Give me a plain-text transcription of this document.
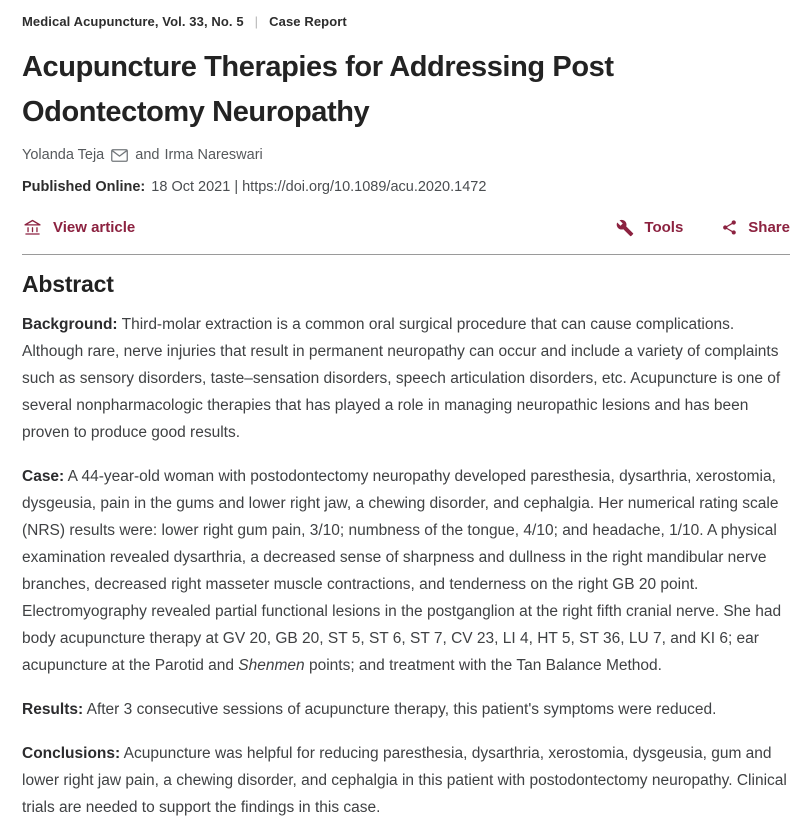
Medical Acupuncture, Vol. 33, No. 5 | Case Report
Acupuncture Therapies for Addressing Post Odontectomy Neuropathy
Yolanda Teja and Irma Nareswari
Published Online: 18 Oct 2021 | https://doi.org/10.1089/acu.2020.1472
View article	Tools	Share
Abstract

Background: Third-molar extraction is a common oral surgical procedure that can cause complications. Although rare, nerve injuries that result in permanent neuropathy can occur and include a variety of complaints such as sensory disorders, taste–sensation disorders, speech articulation disorders, etc. Acupuncture is one of several nonpharmacologic therapies that has played a role in managing neuropathic lesions and has been proven to produce good results.

Case: A 44-year-old woman with postodontectomy neuropathy developed paresthesia, dysarthria, xerostomia, dysgeusia, pain in the gums and lower right jaw, a chewing disorder, and cephalgia. Her numerical rating scale (NRS) results were: lower right gum pain, 3/10; numbness of the tongue, 4/10; and headache, 1/10. A physical examination revealed dysarthria, a decreased sense of sharpness and dullness in the right mandibular nerve branches, decreased right masseter muscle contractions, and tenderness on the right GB 20 point. Electromyography revealed partial functional lesions in the postganglion at the right fifth cranial nerve. She had body acupuncture therapy at GV 20, GB 20, ST 5, ST 6, ST 7, CV 23, LI 4, HT 5, ST 36, LU 7, and KI 6; ear acupuncture at the Parotid and Shenmen points; and treatment with the Tan Balance Method.

Results: After 3 consecutive sessions of acupuncture therapy, this patient's symptoms were reduced.

Conclusions: Acupuncture was helpful for reducing paresthesia, dysarthria, xerostomia, dysgeusia, gum and lower right jaw pain, a chewing disorder, and cephalgia in this patient with postodontectomy neuropathy. Clinical trials are needed to support the findings in this case.
